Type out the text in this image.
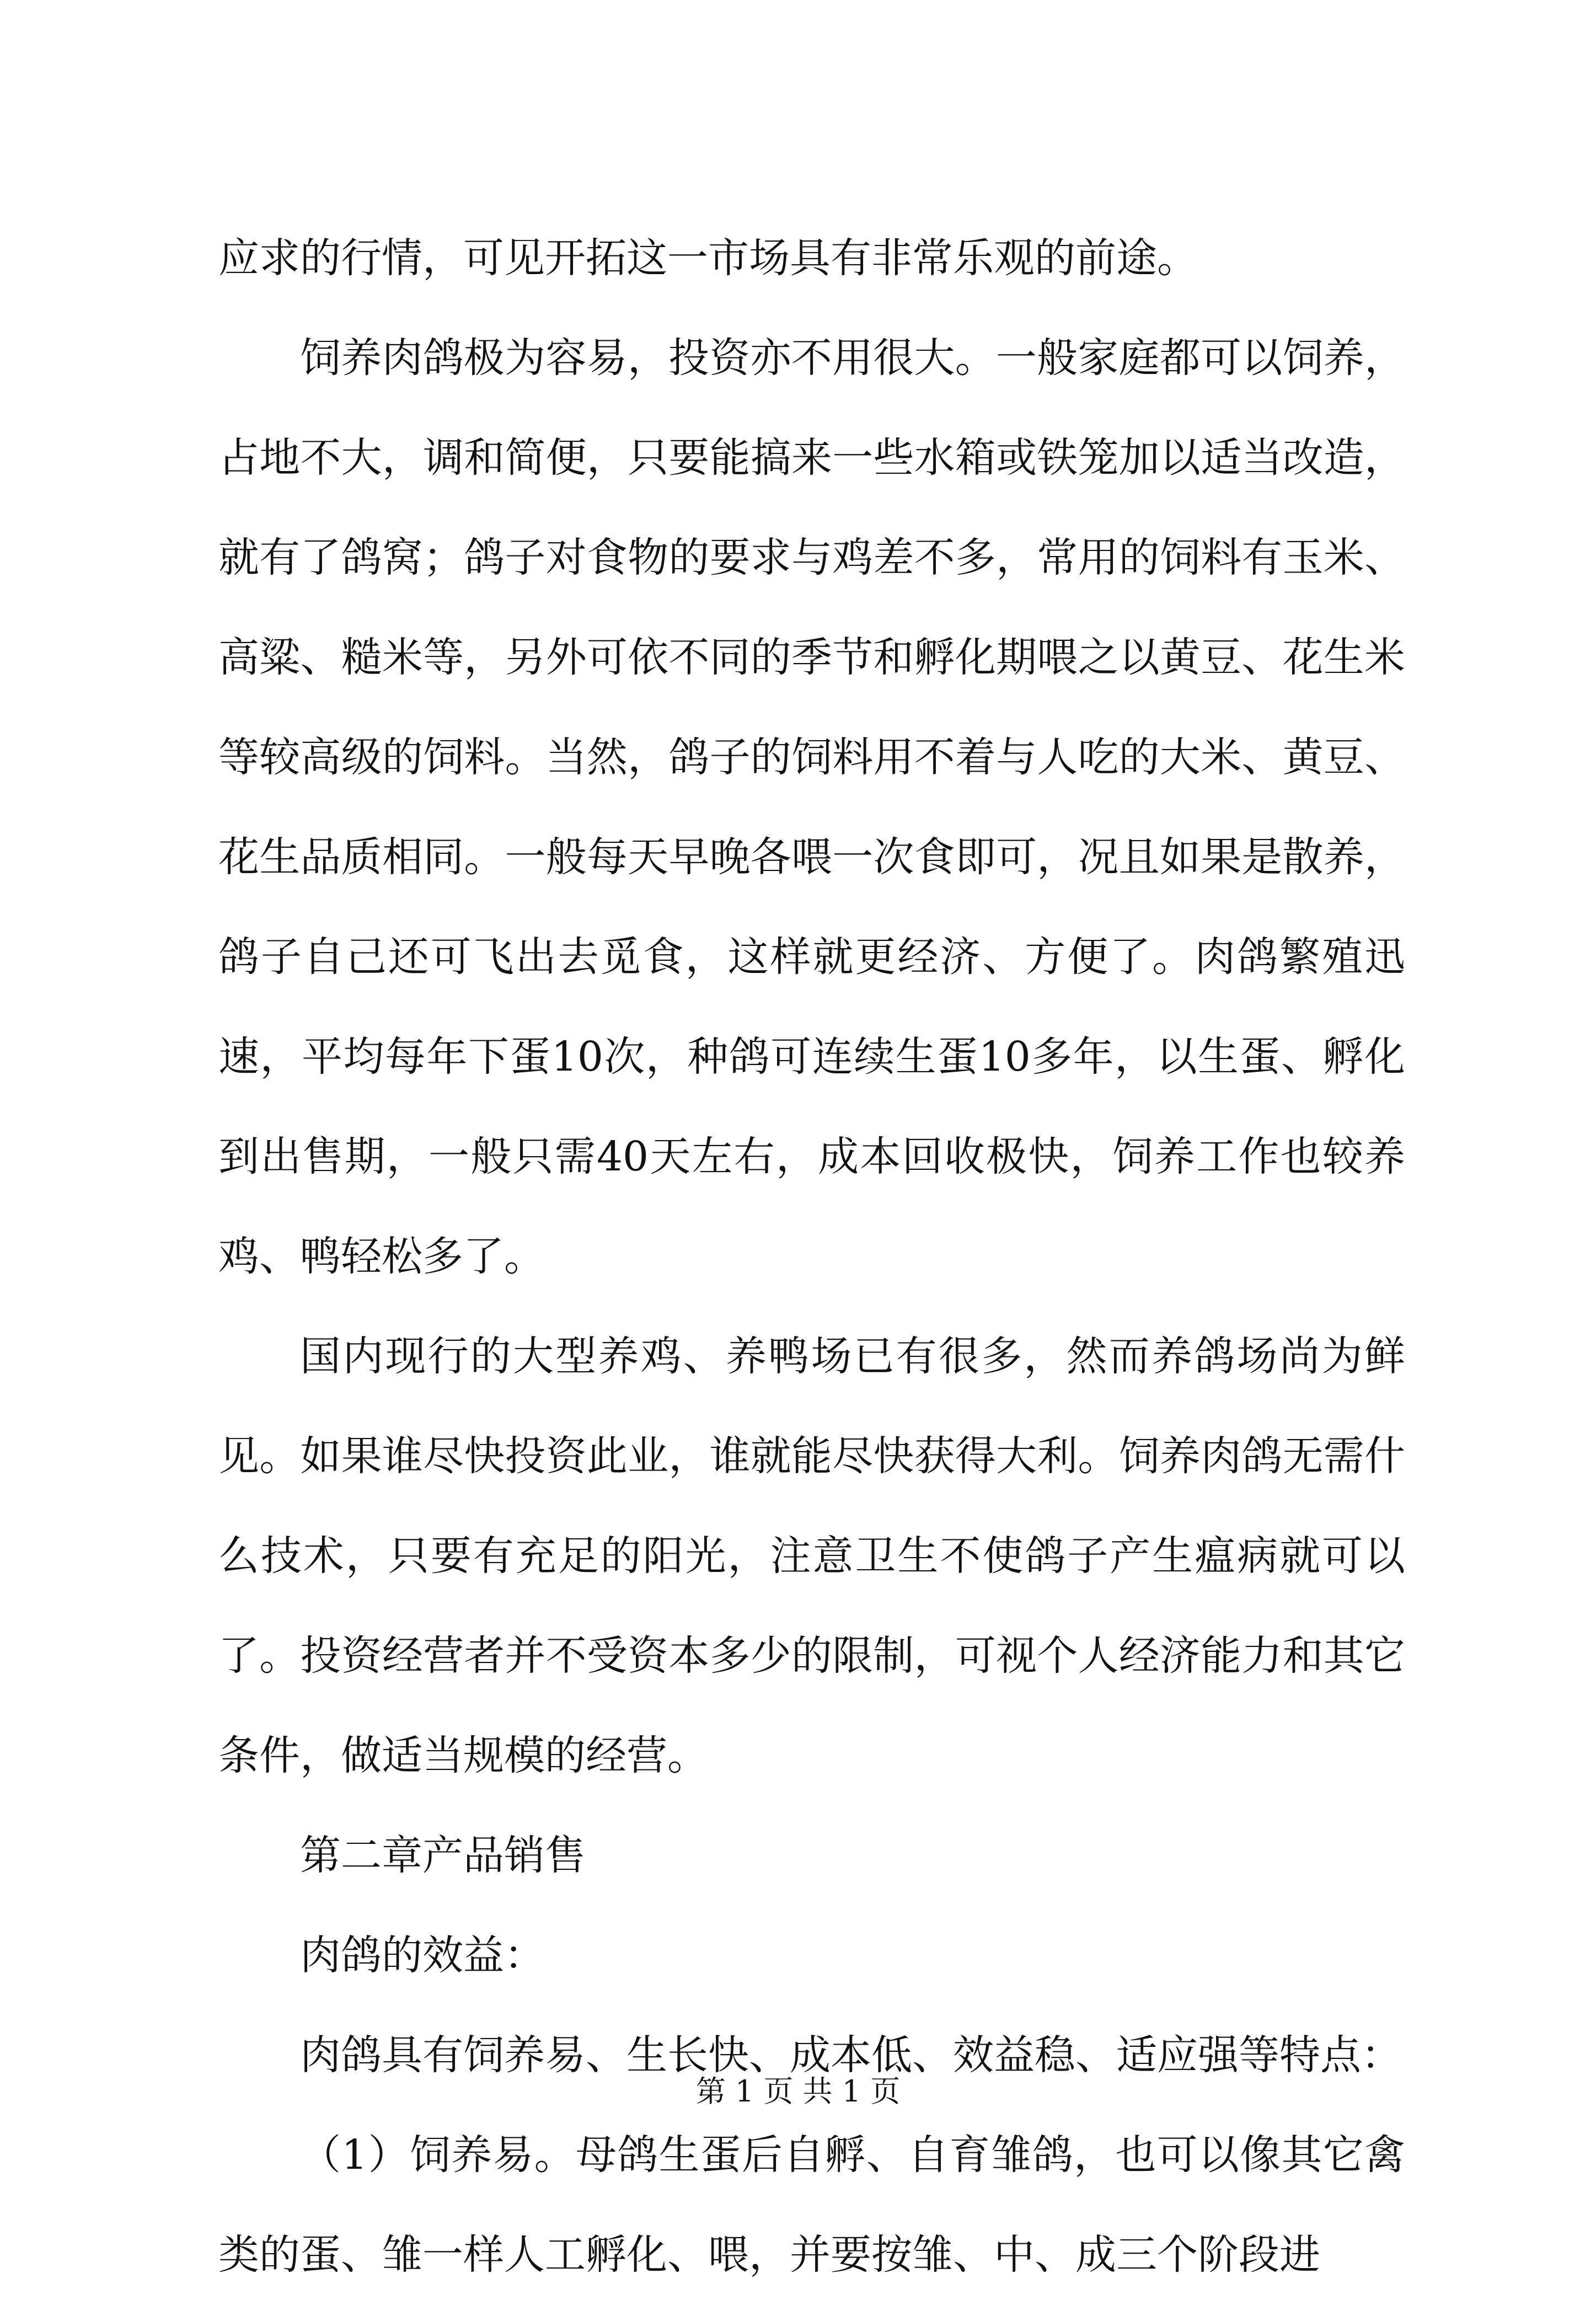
应求的行情，可见开拓这一市场具有非常乐观的前途。

饲养肉鸽极为容易，投资亦不用很大。一般家庭都可以饲养，占地不大，调和简便，只要能搞来一些水箱或铁笼加以适当改造，就有了鸽窝；鸽子对食物的要求与鸡差不多，常用的饲料有玉米、高粱、糙米等，另外可依不同的季节和孵化期喂之以黄豆、花生米等较高级的饲料。当然，鸽子的饲料用不着与人吃的大米、黄豆、花生品质相同。一般每天早晚各喂一次食即可，况且如果是散养，鸽子自己还可飞出去觅食，这样就更经济、方便了。肉鸽繁殖迅速，平均每年下蛋10次，种鸽可连续生蛋10多年，以生蛋、孵化到出售期，一般只需40天左右，成本回收极快，饲养工作也较养鸡、鸭轻松多了。

国内现行的大型养鸡、养鸭场已有很多，然而养鸽场尚为鲜见。如果谁尽快投资此业，谁就能尽快获得大利。饲养肉鸽无需什么技术，只要有充足的阳光，注意卫生不使鸽子产生瘟病就可以了。投资经营者并不受资本多少的限制，可视个人经济能力和其它条件，做适当规模的经营。

第二章产品销售

肉鸽的效益：

肉鸽具有饲养易、生长快、成本低、效益稳、适应强等特点：

（1）饲养易。母鸽生蛋后自孵、自育雏鸽，也可以像其它禽类的蛋、雏一样人工孵化、喂，并要按雏、中、成三个阶段进

第 1 页 共 1 页
